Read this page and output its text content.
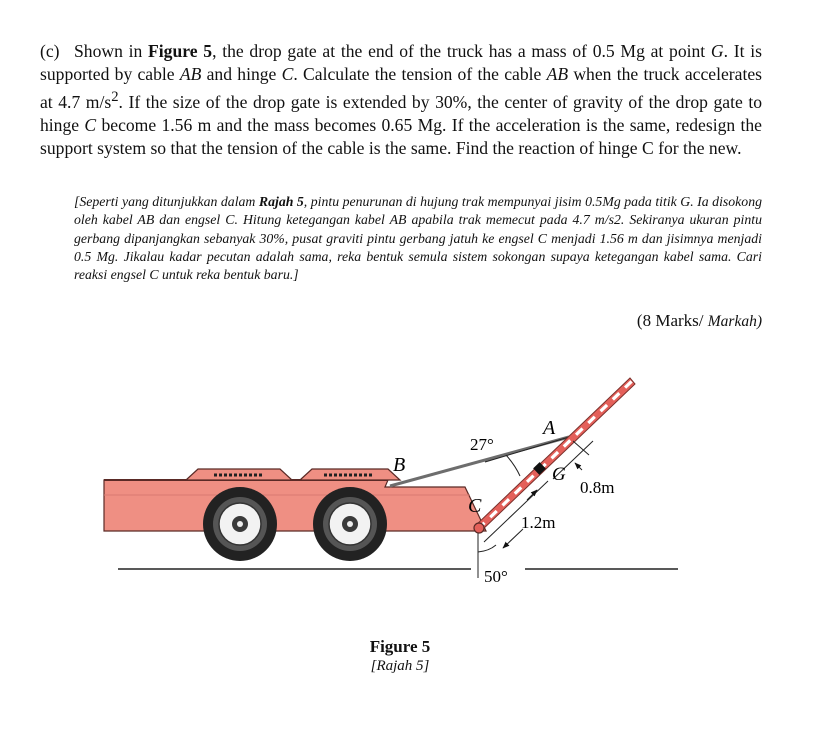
(c) Shown in Figure 5, the drop gate at the end of the truck has a mass of 0.5 Mg at point G. It is supported by cable AB and hinge C. Calculate the tension of the cable AB when the truck accelerates at 4.7 $m/s^2$. If the size of the drop gate is extended by 30%, the center of gravity of the drop gate to hinge C become 1.56 m and the mass becomes 0.65 Mg. If the acceleration is the same, redesign the support system so that the tension of the cable is the same. Find the reaction of hinge C for the new.
[Seperti yang ditunjukkan dalam Rajah 5, pintu penurunan di hujung trak mempunyai jisim 0.5Mg pada titik G. Ia disokong oleh kabel AB dan engsel C. Hitung ketegangan kabel AB apabila trak memecut pada 4.7 m/s2. Sekiranya ukuran pintu gerbang dipanjangkan sebanyak 30%, pusat graviti pintu gerbang jatuh ke engsel C menjadi 1.56 m dan jisimnya menjadi 0.5 Mg. Jikalau kadar pecutan adalah sama, reka bentuk semula sistem sokongan supaya ketegangan kabel sama. Cari reaksi engsel C untuk reka bentuk baru.]
(8 Marks/ Markah)
A
B
C
G
27°
50°
1.2m
0.8m
Figure 5
[Rajah 5]
